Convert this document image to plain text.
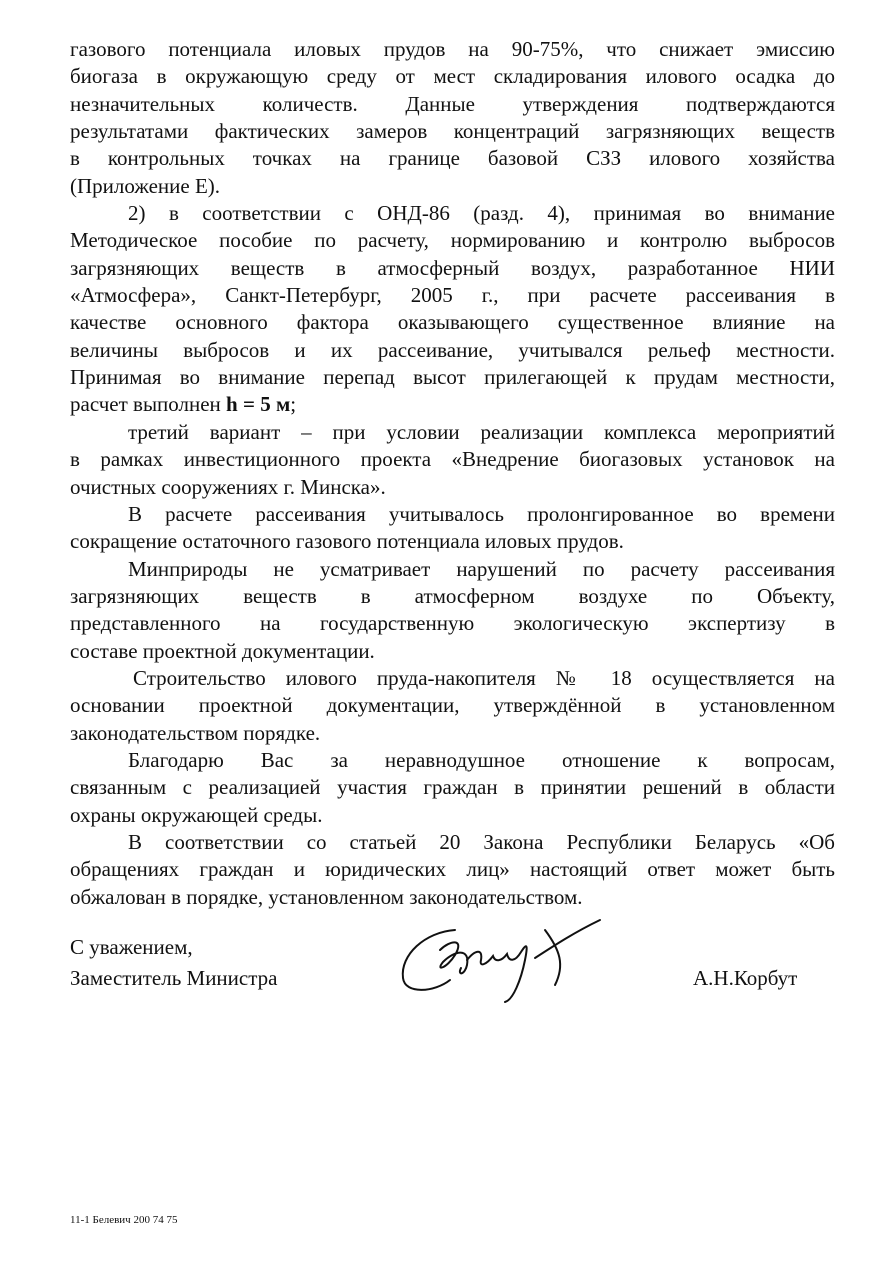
газового потенциала иловых прудов на 90-75%, что снижает эмиссию
биогаза в окружающую среду от мест складирования илового осадка до
незначительных количеств. Данные утверждения подтверждаются
результатами фактических замеров концентраций загрязняющих веществ
в контрольных точках на границе базовой СЗЗ илового хозяйства
(Приложение Е).
2) в соответствии с ОНД-86 (разд. 4), принимая во внимание
Методическое пособие по расчету, нормированию и контролю выбросов
загрязняющих веществ в атмосферный воздух, разработанное НИИ
«Атмосфера», Санкт-Петербург, 2005 г., при расчете рассеивания в
качестве основного фактора оказывающего существенное влияние на
величины выбросов и их рассеивание, учитывался рельеф местности.
Принимая во внимание перепад высот прилегающей к прудам местности,
расчет выполнен h = 5 м;
третий вариант – при условии реализации комплекса мероприятий
в рамках инвестиционного проекта «Внедрение биогазовых установок на
очистных сооружениях г. Минска».
В расчете рассеивания учитывалось пролонгированное во времени
сокращение остаточного газового потенциала иловых прудов.
Минприроды не усматривает нарушений по расчету рассеивания
загрязняющих веществ в атмосферном воздухе по Объекту,
представленного на государственную экологическую экспертизу в
составе проектной документации.
Строительство илового пруда-накопителя № 18 осуществляется на
основании проектной документации, утверждённой в установленном
законодательством порядке.
Благодарю Вас за неравнодушное отношение к вопросам,
связанным с реализацией участия граждан в принятии решений в области
охраны окружающей среды.
В соответствии со статьей 20 Закона Республики Беларусь «Об
обращениях граждан и юридических лиц» настоящий ответ может быть
обжалован в порядке, установленном законодательством.
С уважением,
Заместитель Министра	А.Н.Корбут
11-1 Белевич 200 74 75
